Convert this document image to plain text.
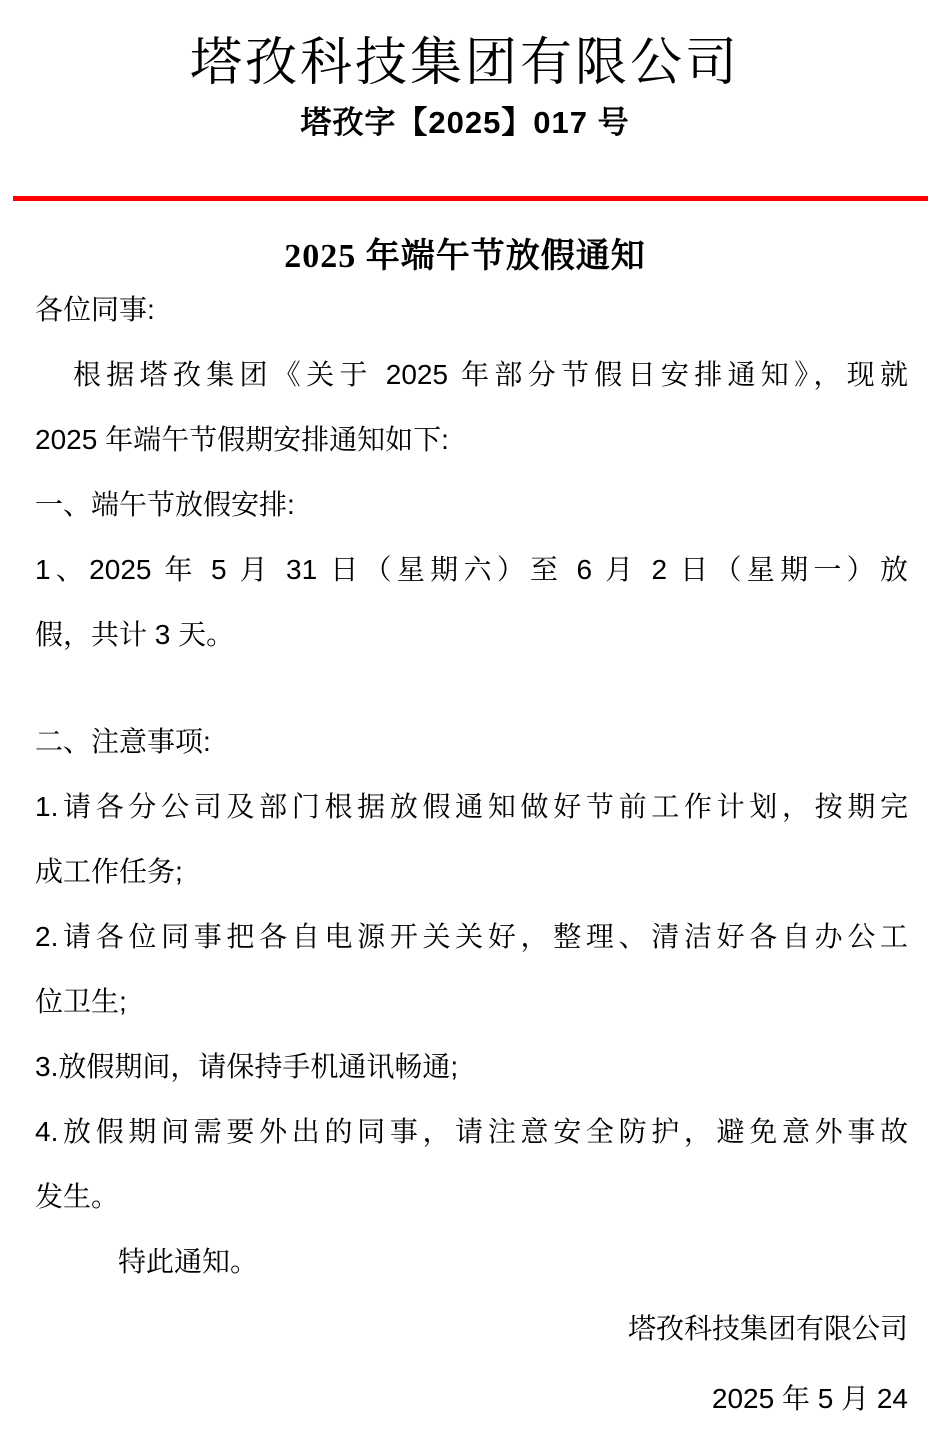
塔孜科技集团有限公司
塔孜字【2025】017 号
2025 年端午节放假通知
各位同事:
根据塔孜集团《关于 2025 年部分节假日安排通知》，现就
2025 年端午节假期安排通知如下:
一、端午节放假安排:
1、2025 年 5 月 31 日（星期六）至 6 月 2 日（星期一）放
假，共计 3 天。
二、注意事项:
1.请各分公司及部门根据放假通知做好节前工作计划，按期完
成工作任务;
2.请各位同事把各自电源开关关好，整理、清洁好各自办公工
位卫生;
3.放假期间，请保持手机通讯畅通;
4.放假期间需要外出的同事，请注意安全防护，避免意外事故
发生。
特此通知。
塔孜科技集团有限公司
2025 年 5 月 24
